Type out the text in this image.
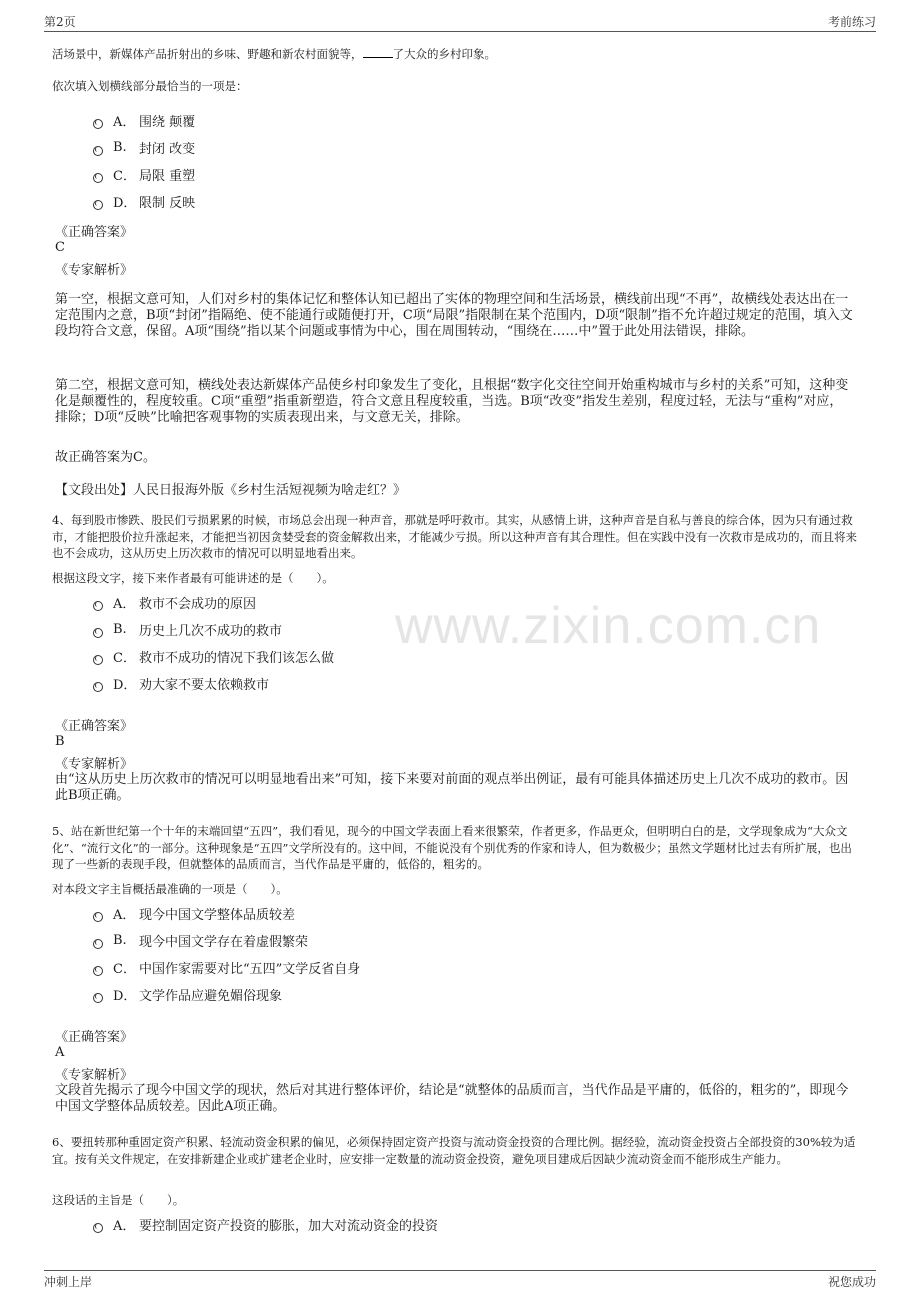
第2页	考前练习
www.zixin.com.cn
活场景中，新媒体产品折射出的乡味、野趣和新农村面貌等，	了大众的乡村印象。
依次填入划横线部分最恰当的一项是：
A． 围绕 颠覆
B. 封闭 改变
C． 局限 重塑
D． 限制 反映
《正确答案》
C
《专家解析》
第一空，根据文意可知，人们对乡村的集体记忆和整体认知已超出了实体的物理空间和生活场景，横线前出现“不再”，故横线处表达出在一定范围内之意，B项“封闭”指隔绝、使不能通行或随便打开，C项“局限”指限制在某个范围内，D项“限制”指不允许超过规定的范围，填入文段均符合文意，保留。A项“围绕”指以某个问题或事情为中心，围在周围转动，“围绕在……中”置于此处用法错误，排除。
第二空，根据文意可知，横线处表达新媒体产品使乡村印象发生了变化，且根据“数字化交往空间开始重构城市与乡村的关系”可知，这种变化是颠覆性的，程度较重。C项“重塑”指重新塑造，符合文意且程度较重，当选。B项“改变”指发生差别，程度过轻，无法与“重构”对应，排除；D项“反映”比喻把客观事物的实质表现出来，与文意无关，排除。
故正确答案为C。
【文段出处】人民日报海外版《乡村生活短视频为啥走红？》
4、每到股市惨跌、股民们亏损累累的时候，市场总会出现一种声音，那就是呼吁救市。其实，从感情上讲，这种声音是自私与善良的综合体，因为只有通过救市，才能把股价拉升涨起来，才能把当初因贪婪受套的资金解救出来，才能减少亏损。所以这种声音有其合理性。但在实践中没有一次救市是成功的，而且将来也不会成功，这从历史上历次救市的情况可以明显地看出来。
根据这段文字，接下来作者最有可能讲述的是（　　）。
A． 救市不会成功的原因
B. 历史上几次不成功的救市
C． 救市不成功的情况下我们该怎么做
D． 劝大家不要太依赖救市
《正确答案》
B
《专家解析》
由“这从历史上历次救市的情况可以明显地看出来”可知，接下来要对前面的观点举出例证，最有可能具体描述历史上几次不成功的救市。因此B项正确。
5、站在新世纪第一个十年的末端回望“五四”，我们看见，现今的中国文学表面上看来很繁荣，作者更多，作品更众，但明明白白的是，文学现象成为“大众文化”、“流行文化”的一部分。这种现象是“五四”文学所没有的。这中间，不能说没有个别优秀的作家和诗人，但为数极少；虽然文学题材比过去有所扩展，也出现了一些新的表现手段，但就整体的品质而言，当代作品是平庸的，低俗的，粗劣的。
对本段文字主旨概括最准确的一项是（　　）。
A． 现今中国文学整体品质较差
B. 现今中国文学存在着虚假繁荣
C． 中国作家需要对比“五四”文学反省自身
D． 文学作品应避免媚俗现象
《正确答案》
A
《专家解析》
文段首先揭示了现今中国文学的现状，然后对其进行整体评价，结论是“就整体的品质而言，当代作品是平庸的，低俗的，粗劣的”，即现今中国文学整体品质较差。因此A项正确。
6、要扭转那种重固定资产积累、轻流动资金积累的偏见，必须保持固定资产投资与流动资金投资的合理比例。据经验，流动资金投资占全部投资的30%较为适宜。按有关文件规定，在安排新建企业或扩建老企业时，应安排一定数量的流动资金投资，避免项目建成后因缺少流动资金而不能形成生产能力。
这段话的主旨是（　　）。
A． 要控制固定资产投资的膨胀，加大对流动资金的投资
冲刺上岸	祝您成功
